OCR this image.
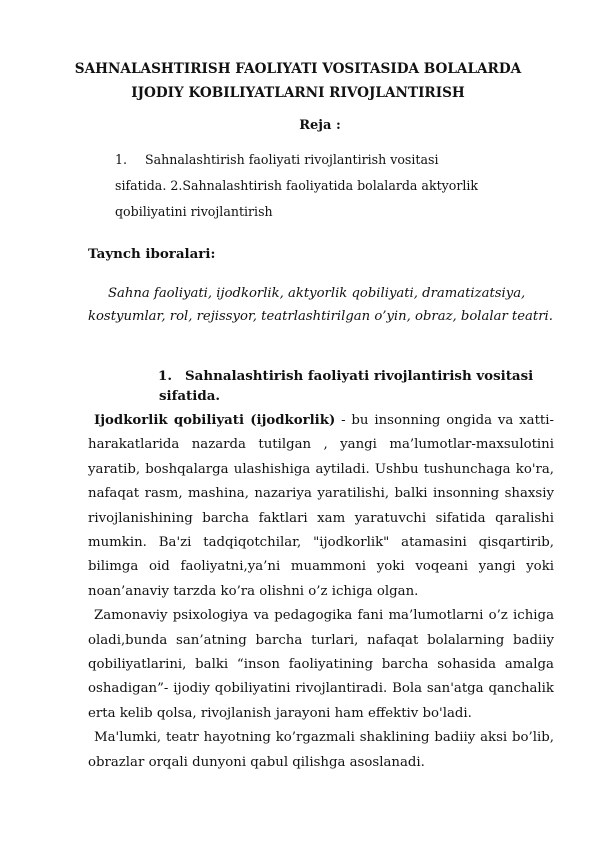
SAHNALASHTIRISH FAOLIYATI VOSITASIDA BOLALARDA
IJODIY KOBILIYATLARNI RIVOJLANTIRISH
Reja :
1. Sahnalashtirish faoliyati rivojlantirish vositasi
sifatida. 2.Sahnalashtirish faoliyatida bolalarda aktyorlik
qobiliyatini rivojlantirish
Taynch iboralari:
Sahna faoliyati, ijodkorlik, aktyorlik qobiliyati, dramatizatsiya, kostyumlar, rol, rejissyor, teatrlashtirilgan o’yin, obraz, bolalar teatri.
1. Sahnalashtirish faoliyati rivojlantirish vositasi
sifatida.

Ijodkorlik qobiliyati (ijodkorlik) - bu insonning ongida va xatti-harakatlarida nazarda tutilgan , yangi ma’lumotlar-maxsulotini yaratib, boshqalarga ulashishiga aytiladi. Ushbu tushunchaga ko'ra, nafaqat rasm, mashina, nazariya yaratilishi, balki insonning shaxsiy rivojlanishining barcha faktlari xam yaratuvchi sifatida qaralishi mumkin. Ba'zi tadqiqotchilar, "ijodkorlik" atamasini qisqartirib, bilimga oid faoliyatni,ya’ni muammoni yoki voqeani yangi yoki noan’anaviy tarzda ko’ra olishni o’z ichiga olgan.

Zamonaviy psixologiya va pedagogika fani ma’lumotlarni o’z ichiga oladi,bunda san’atning barcha turlari, nafaqat bolalarning badiiy qobiliyatlarini, balki “inson faoliyatining barcha sohasida amalga oshadigan”- ijodiy qobiliyatini rivojlantiradi. Bola san'atga qanchalik erta kelib qolsa, rivojlanish jarayoni ham effektiv bo'ladi.

Ma'lumki, teatr hayotning ko’rgazmali shaklining badiiy aksi bo’lib, obrazlar orqali dunyoni qabul qilishga asoslanadi.
